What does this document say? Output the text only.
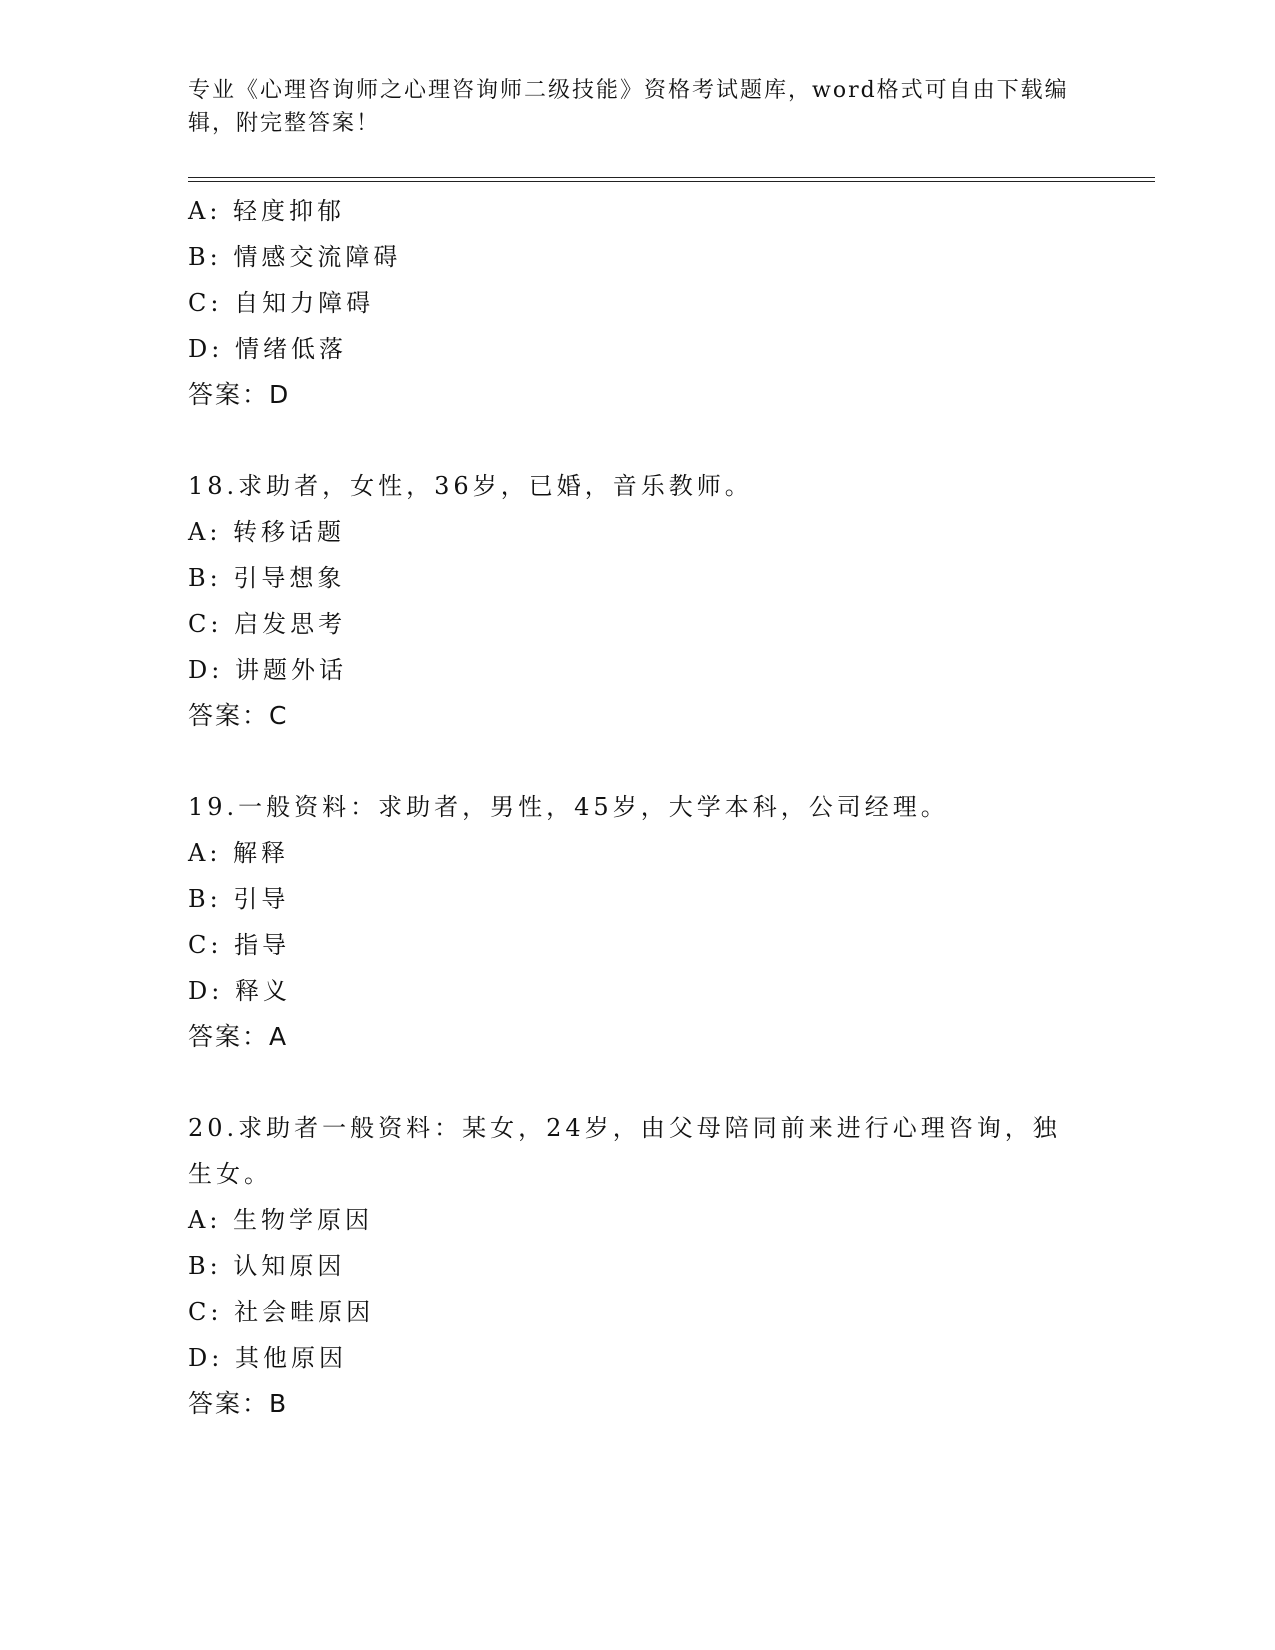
专业《心理咨询师之心理咨询师二级技能》资格考试题库，word格式可自由下载编辑，附完整答案！
A: 轻度抑郁
B: 情感交流障碍
C: 自知力障碍
D: 情绪低落
答案：D
18.求助者，女性，36岁，已婚，音乐教师。
A: 转移话题
B: 引导想象
C: 启发思考
D: 讲题外话
答案：C
19.一般资料：求助者，男性，45岁，大学本科，公司经理。
A: 解释
B: 引导
C: 指导
D: 释义
答案：A
20.求助者一般资料：某女，24岁，由父母陪同前来进行心理咨询，独生女。
A: 生物学原因
B: 认知原因
C: 社会畦原因
D: 其他原因
答案：B
